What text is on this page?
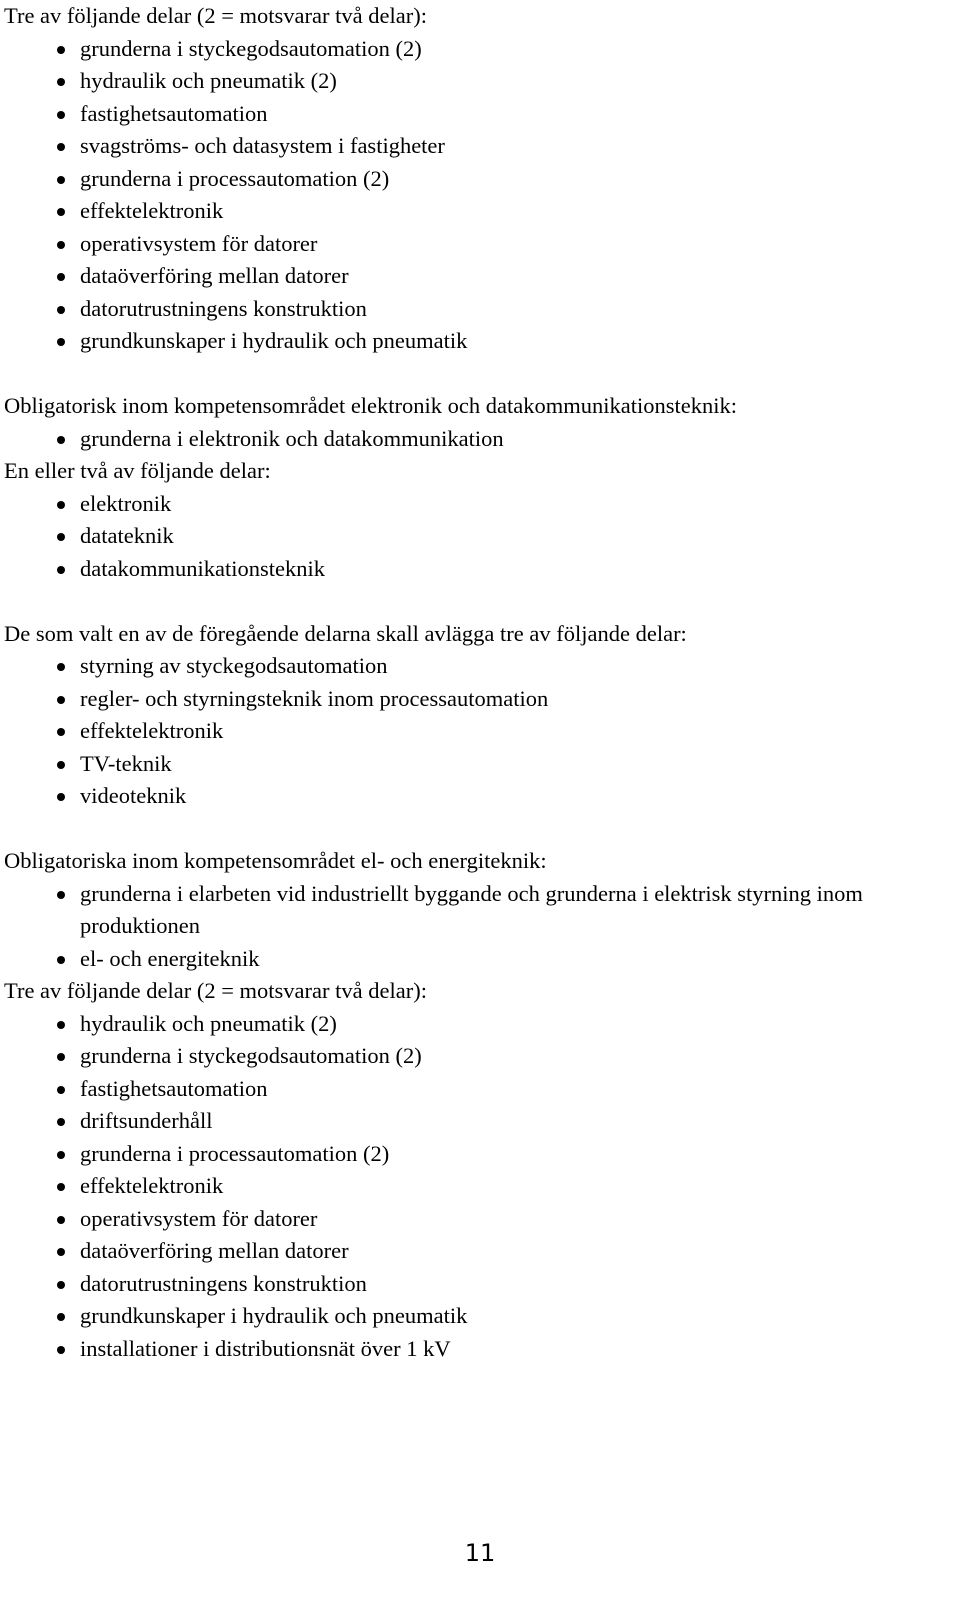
Tre av följande delar (2 = motsvarar två delar):

grunderna i styckegodsautomation (2)
hydraulik och pneumatik (2)
fastighetsautomation
svagströms- och datasystem i fastigheter
grunderna i processautomation (2)
effektelektronik
operativsystem för datorer
dataöverföring mellan datorer
datorutrustningens konstruktion
grundkunskaper i hydraulik och pneumatik

Obligatorisk inom kompetensområdet elektronik och datakommunikationsteknik:

grunderna i elektronik och datakommunikation

En eller två av följande delar:

elektronik
datateknik
datakommunikationsteknik

De som valt en av de föregående delarna skall avlägga tre av följande delar:

styrning av styckegodsautomation
regler- och styrningsteknik inom processautomation
effektelektronik
TV-teknik
videoteknik

Obligatoriska inom kompetensområdet el- och energiteknik:

grunderna i elarbeten vid industriellt byggande och grunderna i elektrisk styrning inom produktionen
el- och energiteknik

Tre av följande delar (2 = motsvarar två delar):

hydraulik och pneumatik (2)
grunderna i styckegodsautomation (2)
fastighetsautomation
driftsunderhåll
grunderna i processautomation (2)
effektelektronik
operativsystem för datorer
dataöverföring mellan datorer
datorutrustningens konstruktion
grundkunskaper i hydraulik och pneumatik
installationer i distributionsnät över 1 kV
11
